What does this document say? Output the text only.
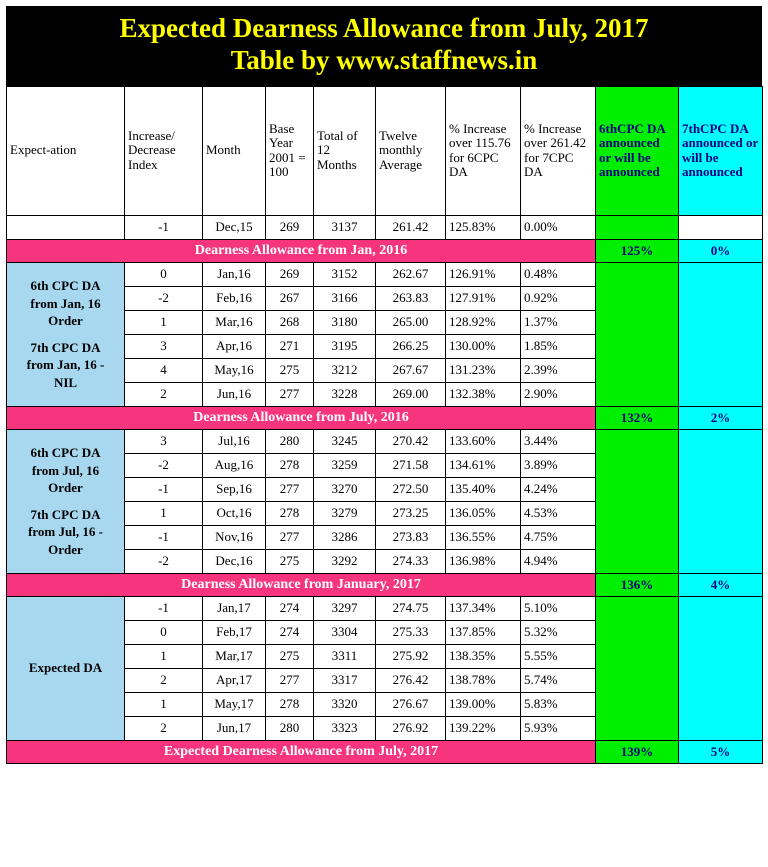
Expected Dearness Allowance from July, 2017
Table by www.staffnews.in
Expect-ation	Increase/ Decrease Index	Month	Base Year 2001 = 100	Total of 12 Months	Twelve monthly Average	% Increase over 115.76 for 6CPC DA	% Increase over 261.42 for 7CPC DA	6thCPC DA announced or will be announced	7thCPC DA announced or will be announced
	-1	Dec,15	269	3137	261.42	125.83%	0.00%		
Dearness Allowance from Jan, 2016								125%	0%

6th CPC DA
from Jan, 16
Order
7th CPC DA
from Jan, 16 -
NIL
	0	Jan,16	269	3152	262.67	126.91%	0.48%		
	-2	Feb,16	267	3166	263.83	127.91%	0.92%		
	1	Mar,16	268	3180	265.00	128.92%	1.37%		
	3	Apr,16	271	3195	266.25	130.00%	1.85%		
	4	May,16	275	3212	267.67	131.23%	2.39%		
	2	Jun,16	277	3228	269.00	132.38%	2.90%		
Dearness Allowance from July, 2016								132%	2%

6th CPC DA
from Jul, 16
Order
7th CPC DA
from Jul, 16 -
Order
	3	Jul,16	280	3245	270.42	133.60%	3.44%		
	-2	Aug,16	278	3259	271.58	134.61%	3.89%		
	-1	Sep,16	277	3270	272.50	135.40%	4.24%		
	1	Oct,16	278	3279	273.25	136.05%	4.53%		
	-1	Nov,16	277	3286	273.83	136.55%	4.75%		
	-2	Dec,16	275	3292	274.33	136.98%	4.94%		
Dearness Allowance from January, 2017								136%	4%

Expected DA	-1	Jan,17	274	3297	274.75	137.34%	5.10%		
	0	Feb,17	274	3304	275.33	137.85%	5.32%		
	1	Mar,17	275	3311	275.92	138.35%	5.55%		
	2	Apr,17	277	3317	276.42	138.78%	5.74%		
	1	May,17	278	3320	276.67	139.00%	5.83%		
	2	Jun,17	280	3323	276.92	139.22%	5.93%		
Expected Dearness Allowance from July, 2017								139%	5%
